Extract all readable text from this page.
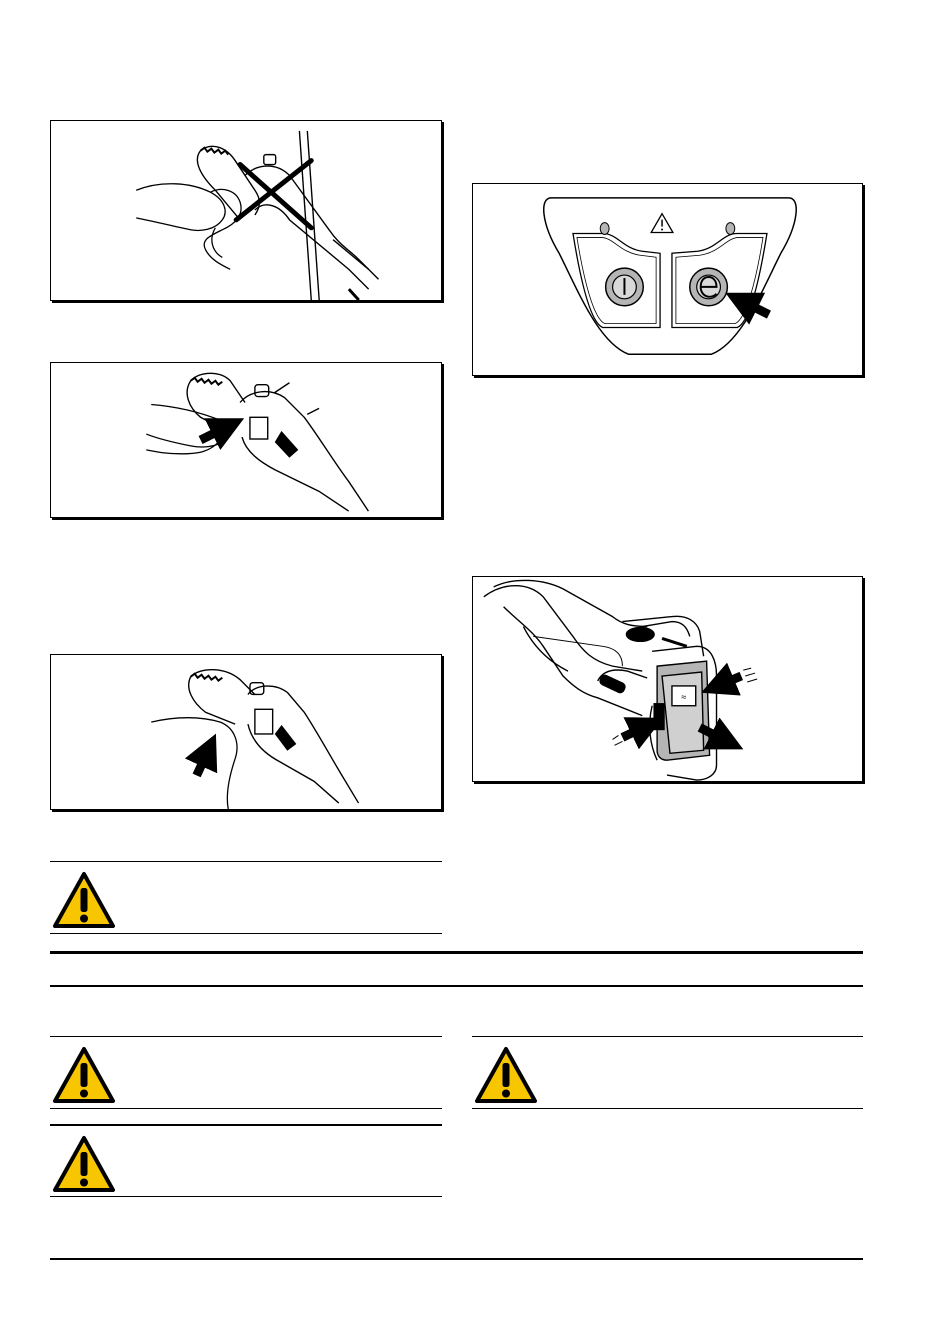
≈
